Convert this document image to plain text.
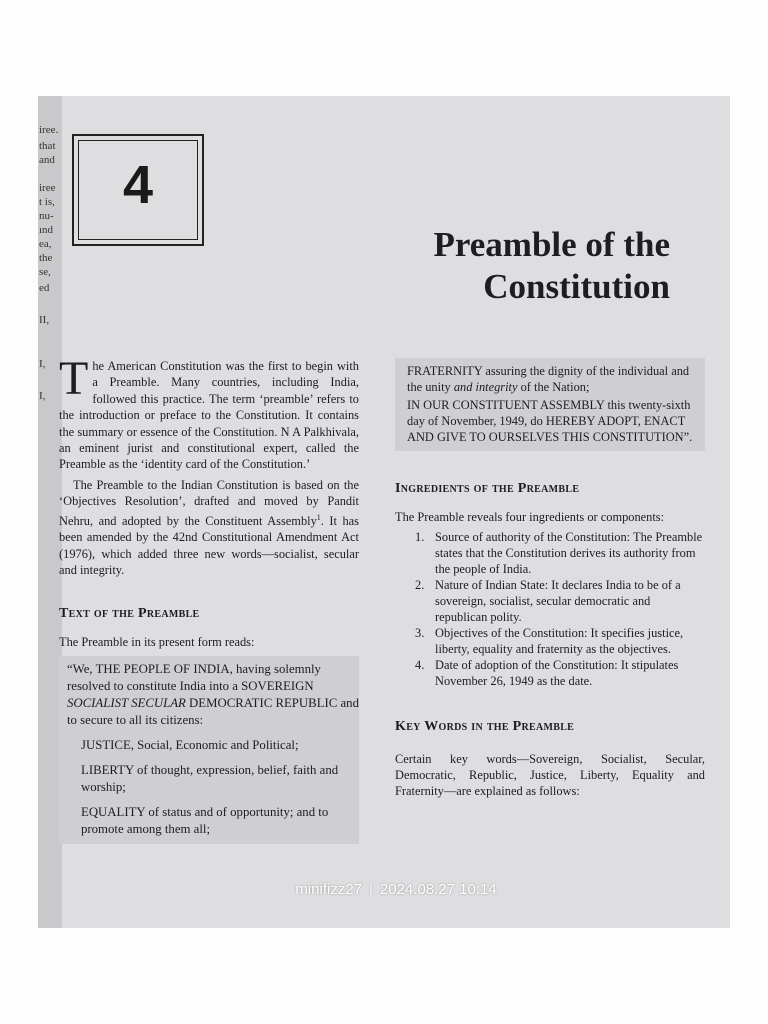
iree.
that
and
iree
t is,
nu-
ınd
ea,
the
se,
ed
II,
I,
I,
4
Preamble of the
Constitution

The American Constitution was the first to begin with a Preamble. Many countries, including India, followed this practice. The term ‘preamble’ refers to the introduction or preface to the Constitution. It contains the summary or essence of the Constitution. N A Palkhivala, an eminent jurist and constitutional expert, called the Preamble as the ‘identity card of the Constitution.’

The Preamble to the Indian Constitution is based on the ‘Objectives Resolution’, drafted and moved by Pandit Nehru, and adopted by the Constituent Assembly$^1$. It has been amended by the 42nd Constitutional Amendment Act (1976), which added three new words—socialist, secular and integrity.

Text of the Preamble

The Preamble in its present form reads:

“We, THE PEOPLE OF INDIA, having solemnly resolved to constitute India into a SOVEREIGN SOCIALIST SECULAR DEMOCRATIC REPUBLIC and to secure to all its citizens:

JUSTICE, Social, Economic and Political;

LIBERTY of thought, expression, belief, faith and worship;

EQUALITY of status and of opportunity; and to promote among them all;

FRATERNITY assuring the dignity of the individual and the unity and integrity of the Nation;

IN OUR CONSTITUENT ASSEMBLY this twenty-sixth day of November, 1949, do HEREBY ADOPT, ENACT AND GIVE TO OURSELVES THIS CONSTITUTION”.

Ingredients of the Preamble

The Preamble reveals four ingredients or components:

1. Source of authority of the Constitution: The Preamble states that the Constitution derives its authority from the people of India.
2. Nature of Indian State: It declares India to be of a sovereign, socialist, secular democratic and republican polity.
3. Objectives of the Constitution: It specifies justice, liberty, equality and fraternity as the objectives.
4. Date of adoption of the Constitution: It stipulates November 26, 1949 as the date.

Key Words in the Preamble

Certain key words—Sovereign, Socialist, Secular, Democratic, Republic, Justice, Liberty, Equality and Fraternity—are explained as follows:

minifizz27 | 2024.08.27 10:14
